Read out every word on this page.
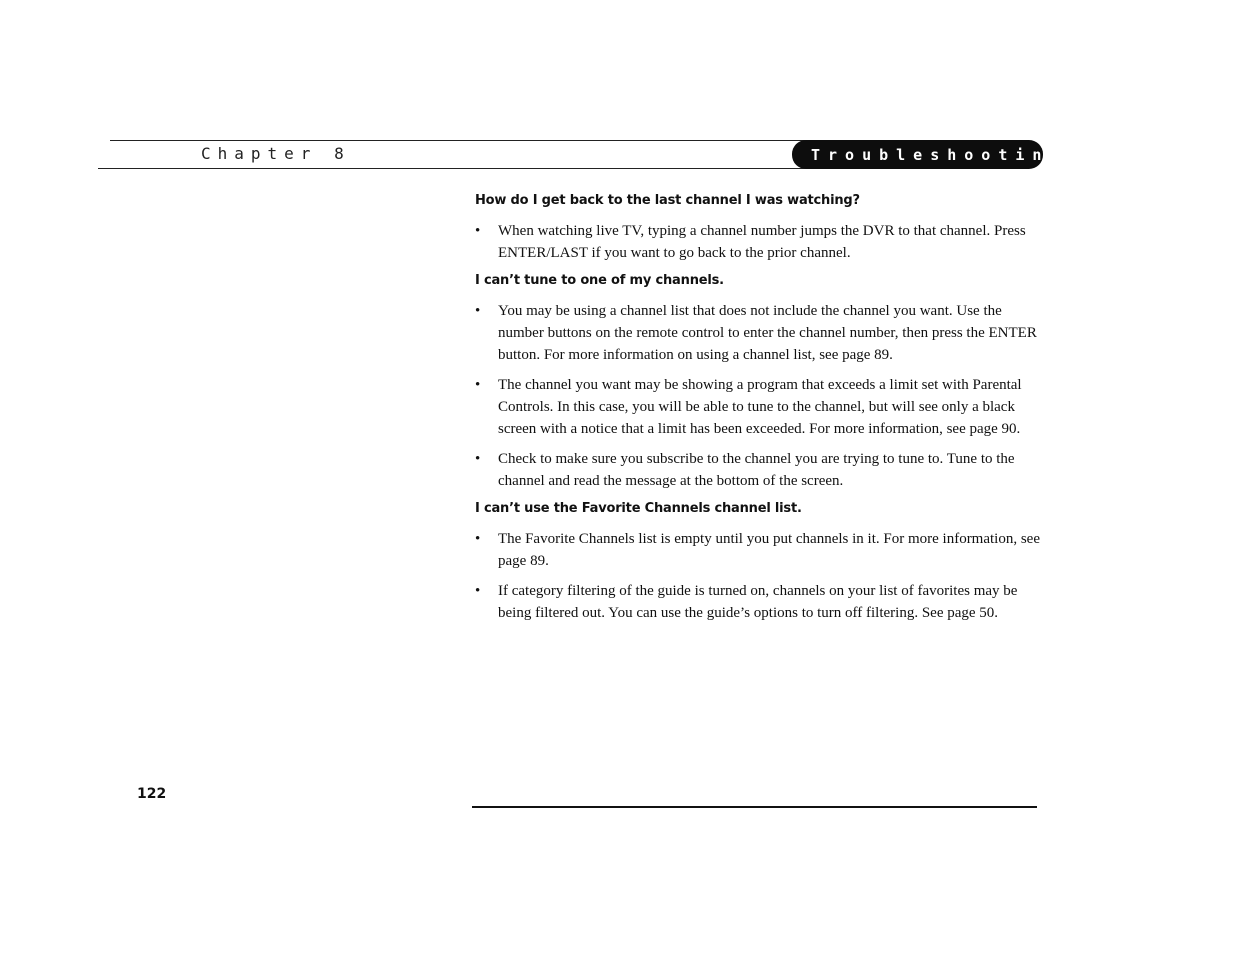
Chapter 8	Troubleshooting
How do I get back to the last channel I was watching?
• When watching live TV, typing a channel number jumps the DVR to that channel. Press ENTER/LAST if you want to go back to the prior channel.
I can’t tune to one of my channels.
• You may be using a channel list that does not include the channel you want. Use the number buttons on the remote control to enter the channel number, then press the ENTER button. For more information on using a channel list, see page 89.
• The channel you want may be showing a program that exceeds a limit set with Parental Controls. In this case, you will be able to tune to the channel, but will see only a black screen with a notice that a limit has been exceeded. For more information, see page 90.
• Check to make sure you subscribe to the channel you are trying to tune to. Tune to the channel and read the message at the bottom of the screen.
I can’t use the Favorite Channels channel list.
• The Favorite Channels list is empty until you put channels in it. For more information, see page 89.
• If category filtering of the guide is turned on, channels on your list of favorites may be being filtered out. You can use the guide’s options to turn off filtering. See page 50.
122
